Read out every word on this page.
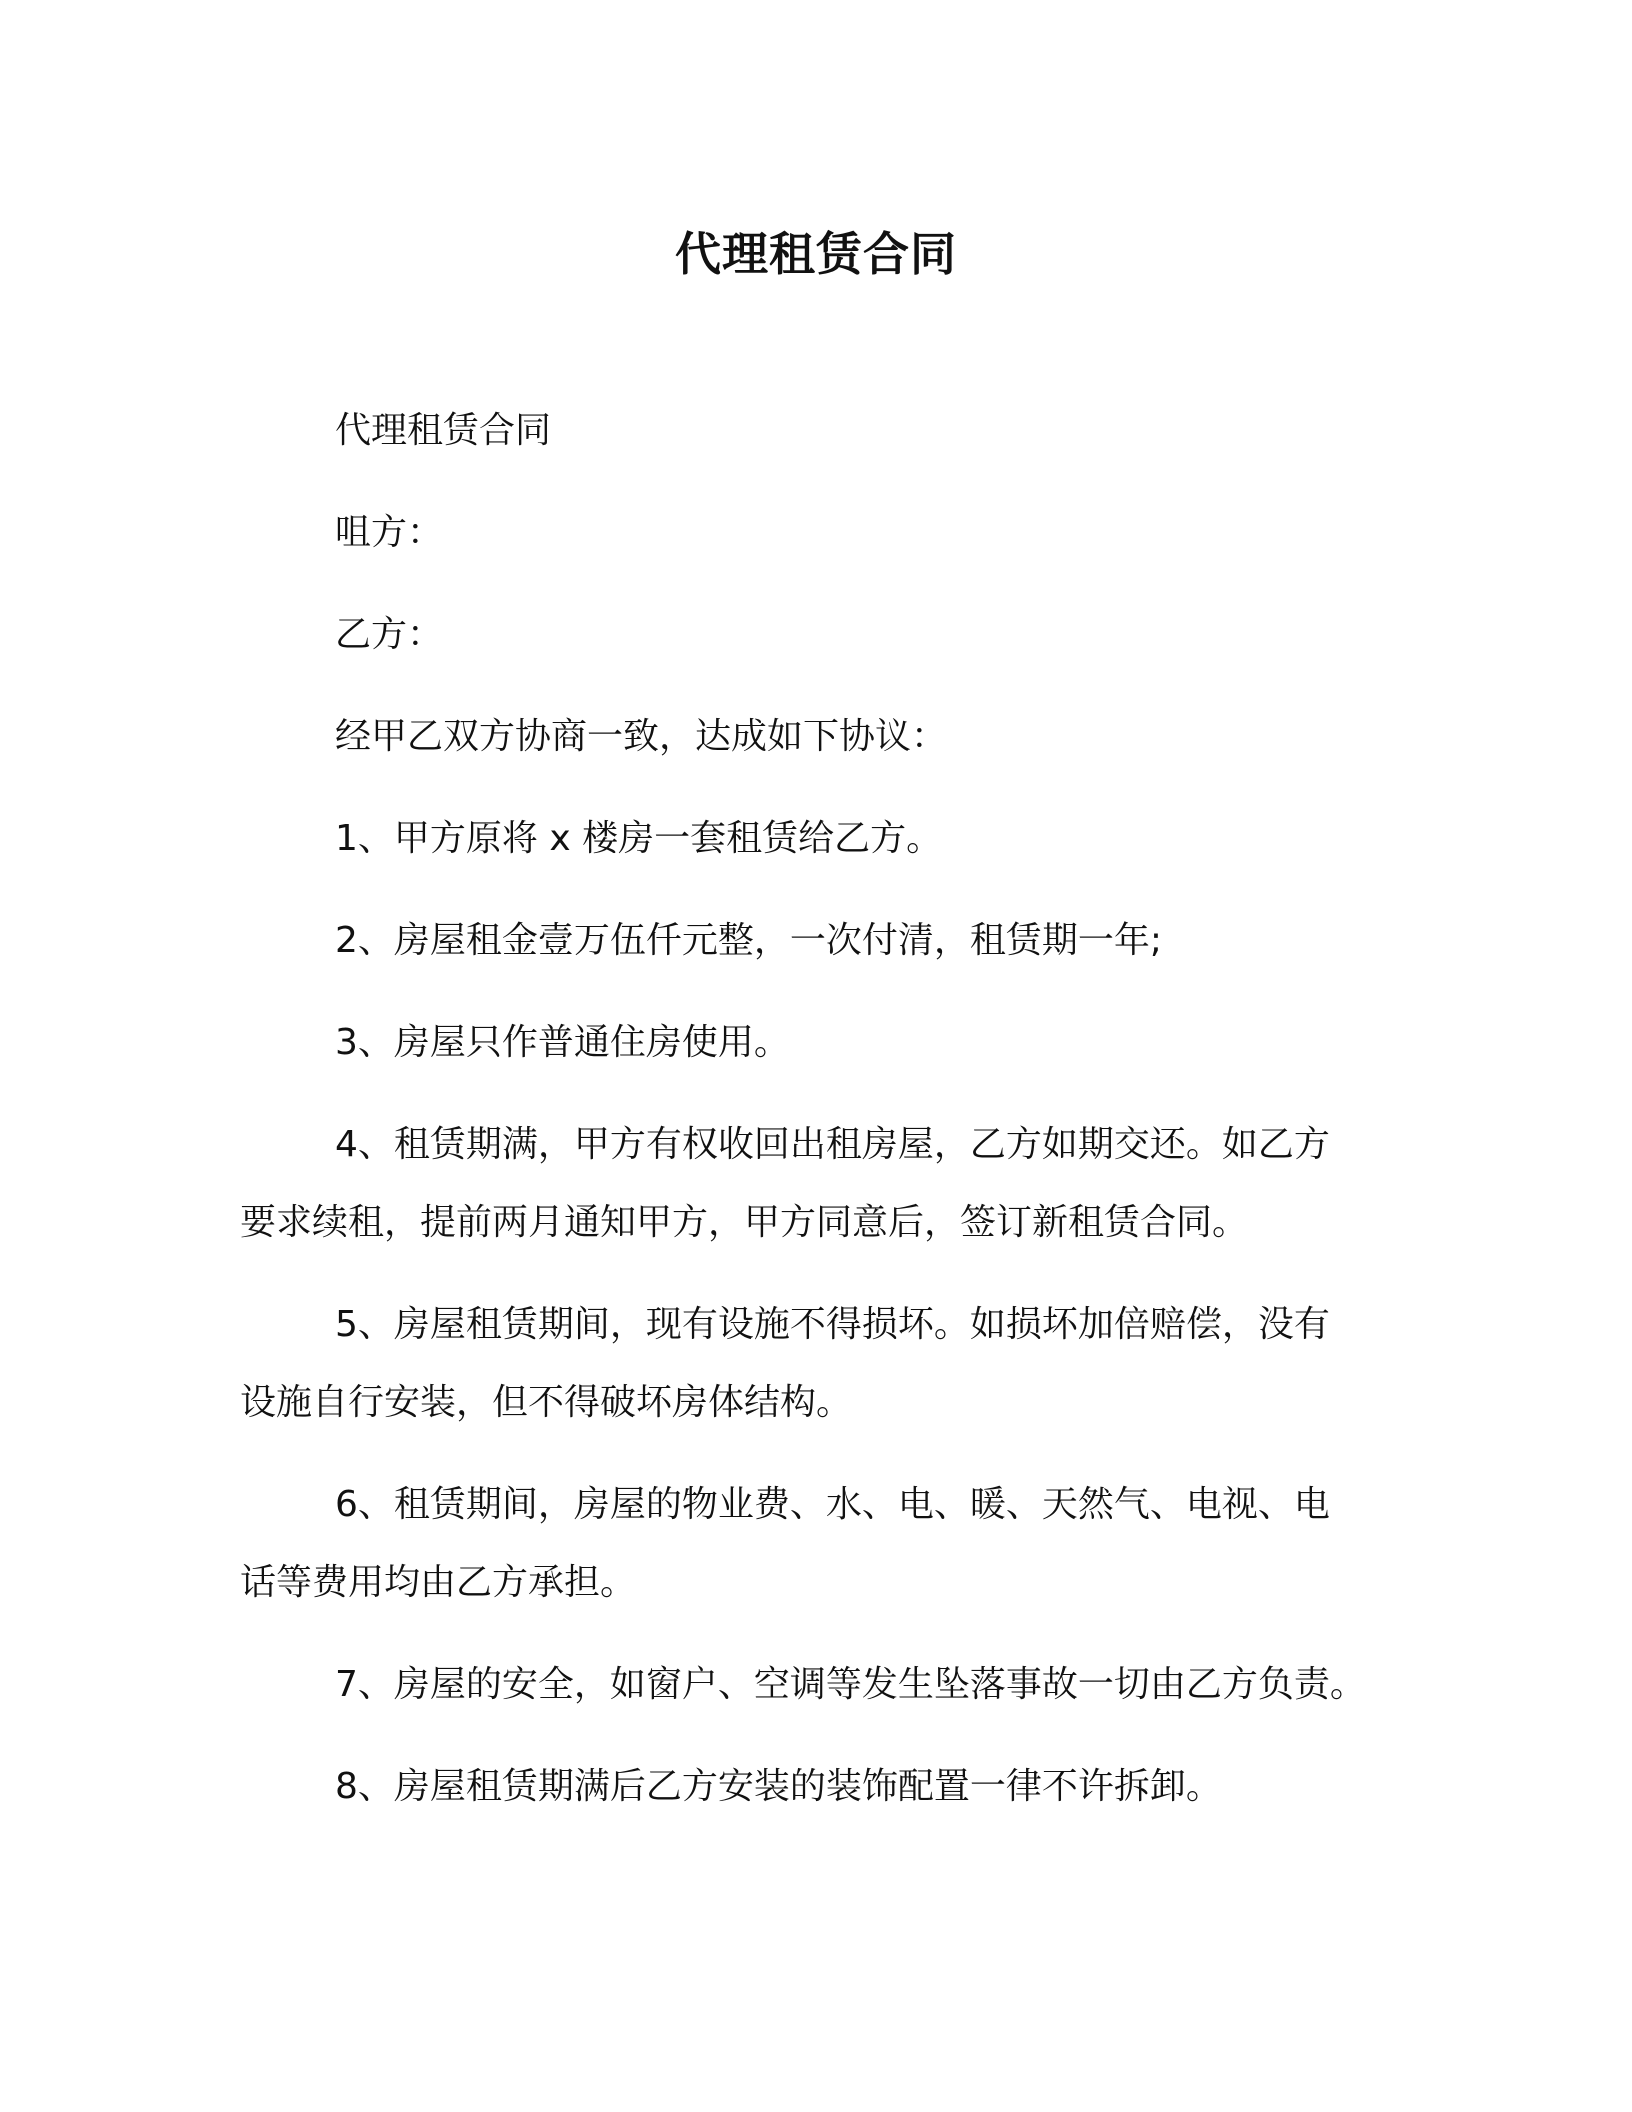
代理租赁合同
代理租赁合同
咀方：
乙方：
经甲乙双方协商一致，达成如下协议：
1、甲方原将 x 楼房一套租赁给乙方。
2、房屋租金壹万伍仟元整，一次付清，租赁期一年;
3、房屋只作普通住房使用。
4、租赁期满，甲方有权收回出租房屋，乙方如期交还。如乙方
要求续租，提前两月通知甲方，甲方同意后，签订新租赁合同。
5、房屋租赁期间，现有设施不得损坏。如损坏加倍赔偿，没有
设施自行安装，但不得破坏房体结构。
6、租赁期间，房屋的物业费、水、电、暖、天然气、电视、电
话等费用均由乙方承担。
7、房屋的安全，如窗户、空调等发生坠落事故一切由乙方负责。
8、房屋租赁期满后乙方安装的装饰配置一律不许拆卸。
